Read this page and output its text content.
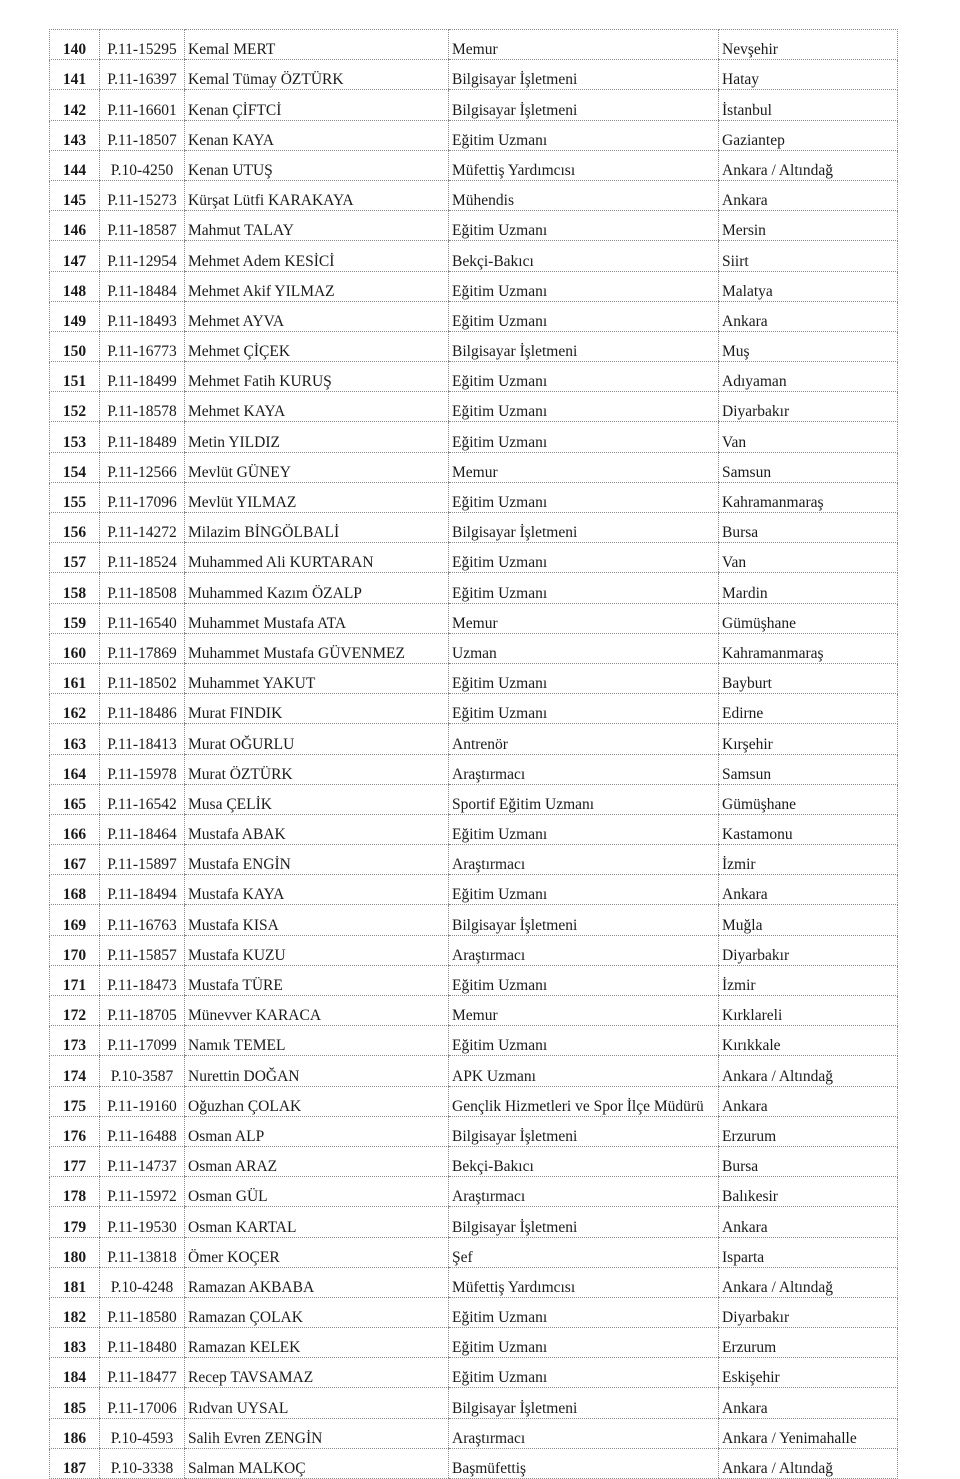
140	P.11-15295	Kemal MERT	Memur	Nevşehir
141	P.11-16397	Kemal Tümay ÖZTÜRK	Bilgisayar İşletmeni	Hatay
142	P.11-16601	Kenan ÇİFTCİ	Bilgisayar İşletmeni	İstanbul
143	P.11-18507	Kenan KAYA	Eğitim Uzmanı	Gaziantep
144	P.10-4250	Kenan UTUŞ	Müfettiş Yardımcısı	Ankara / Altındağ
145	P.11-15273	Kürşat Lütfi KARAKAYA	Mühendis	Ankara
146	P.11-18587	Mahmut TALAY	Eğitim Uzmanı	Mersin
147	P.11-12954	Mehmet Adem KESİCİ	Bekçi-Bakıcı	Siirt
148	P.11-18484	Mehmet Akif YILMAZ	Eğitim Uzmanı	Malatya
149	P.11-18493	Mehmet AYVA	Eğitim Uzmanı	Ankara
150	P.11-16773	Mehmet ÇİÇEK	Bilgisayar İşletmeni	Muş
151	P.11-18499	Mehmet Fatih KURUŞ	Eğitim Uzmanı	Adıyaman
152	P.11-18578	Mehmet KAYA	Eğitim Uzmanı	Diyarbakır
153	P.11-18489	Metin YILDIZ	Eğitim Uzmanı	Van
154	P.11-12566	Mevlüt GÜNEY	Memur	Samsun
155	P.11-17096	Mevlüt YILMAZ	Eğitim Uzmanı	Kahramanmaraş
156	P.11-14272	Milazim BİNGÖLBALİ	Bilgisayar İşletmeni	Bursa
157	P.11-18524	Muhammed Ali KURTARAN	Eğitim Uzmanı	Van
158	P.11-18508	Muhammed Kazım ÖZALP	Eğitim Uzmanı	Mardin
159	P.11-16540	Muhammet Mustafa ATA	Memur	Gümüşhane
160	P.11-17869	Muhammet Mustafa GÜVENMEZ	Uzman	Kahramanmaraş
161	P.11-18502	Muhammet YAKUT	Eğitim Uzmanı	Bayburt
162	P.11-18486	Murat FINDIK	Eğitim Uzmanı	Edirne
163	P.11-18413	Murat OĞURLU	Antrenör	Kırşehir
164	P.11-15978	Murat ÖZTÜRK	Araştırmacı	Samsun
165	P.11-16542	Musa ÇELİK	Sportif Eğitim Uzmanı	Gümüşhane
166	P.11-18464	Mustafa ABAK	Eğitim Uzmanı	Kastamonu
167	P.11-15897	Mustafa ENGİN	Araştırmacı	İzmir
168	P.11-18494	Mustafa KAYA	Eğitim Uzmanı	Ankara
169	P.11-16763	Mustafa KISA	Bilgisayar İşletmeni	Muğla
170	P.11-15857	Mustafa KUZU	Araştırmacı	Diyarbakır
171	P.11-18473	Mustafa TÜRE	Eğitim Uzmanı	İzmir
172	P.11-18705	Münevver KARACA	Memur	Kırklareli
173	P.11-17099	Namık TEMEL	Eğitim Uzmanı	Kırıkkale
174	P.10-3587	Nurettin DOĞAN	APK Uzmanı	Ankara / Altındağ
175	P.11-19160	Oğuzhan ÇOLAK	Gençlik Hizmetleri ve Spor İlçe Müdürü	Ankara
176	P.11-16488	Osman ALP	Bilgisayar İşletmeni	Erzurum
177	P.11-14737	Osman ARAZ	Bekçi-Bakıcı	Bursa
178	P.11-15972	Osman GÜL	Araştırmacı	Balıkesir
179	P.11-19530	Osman KARTAL	Bilgisayar İşletmeni	Ankara
180	P.11-13818	Ömer KOÇER	Şef	Isparta
181	P.10-4248	Ramazan AKBABA	Müfettiş Yardımcısı	Ankara / Altındağ
182	P.11-18580	Ramazan ÇOLAK	Eğitim Uzmanı	Diyarbakır
183	P.11-18480	Ramazan KELEK	Eğitim Uzmanı	Erzurum
184	P.11-18477	Recep TAVSAMAZ	Eğitim Uzmanı	Eskişehir
185	P.11-17006	Rıdvan UYSAL	Bilgisayar İşletmeni	Ankara
186	P.10-4593	Salih Evren ZENGİN	Araştırmacı	Ankara / Yenimahalle
187	P.10-3338	Salman MALKOÇ	Başmüfettiş	Ankara / Altındağ
